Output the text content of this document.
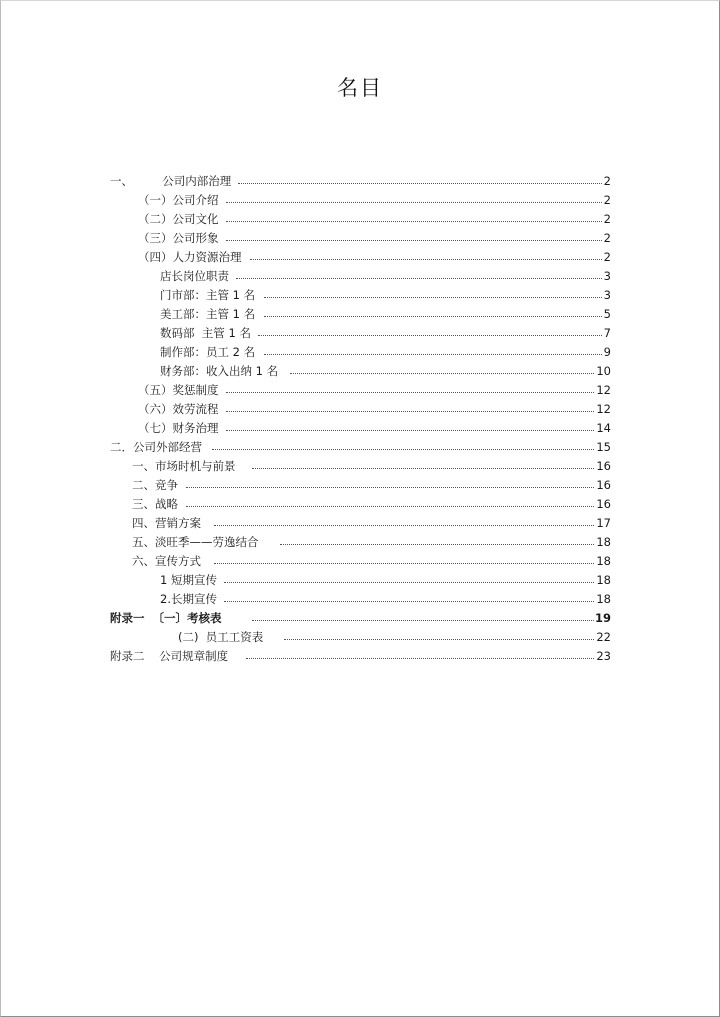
名目
一、        公司内部治理	2
（一）公司介绍	2
（二）公司文化	2
（三）公司形象	2
（四）人力资源治理	2
店长岗位职责	3
门市部：主管 1 名	3
美工部：主管 1 名	5
数码部  主管 1 名	7
制作部：员工 2 名	9
财务部：收入出纳 1 名	10
（五）奖惩制度	12
（六）效劳流程	12
（七）财务治理	14
二．公司外部经营	15
一、市场时机与前景	16
二、竞争	16
三、战略	16
四、营销方案	17
五、淡旺季——劳逸结合	18
六、宣传方式	18
1 短期宣传	18
2.长期宣传	18
附录一  〔一〕考核表	19
(二)  员工工资表	22
附录二    公司规章制度	23
